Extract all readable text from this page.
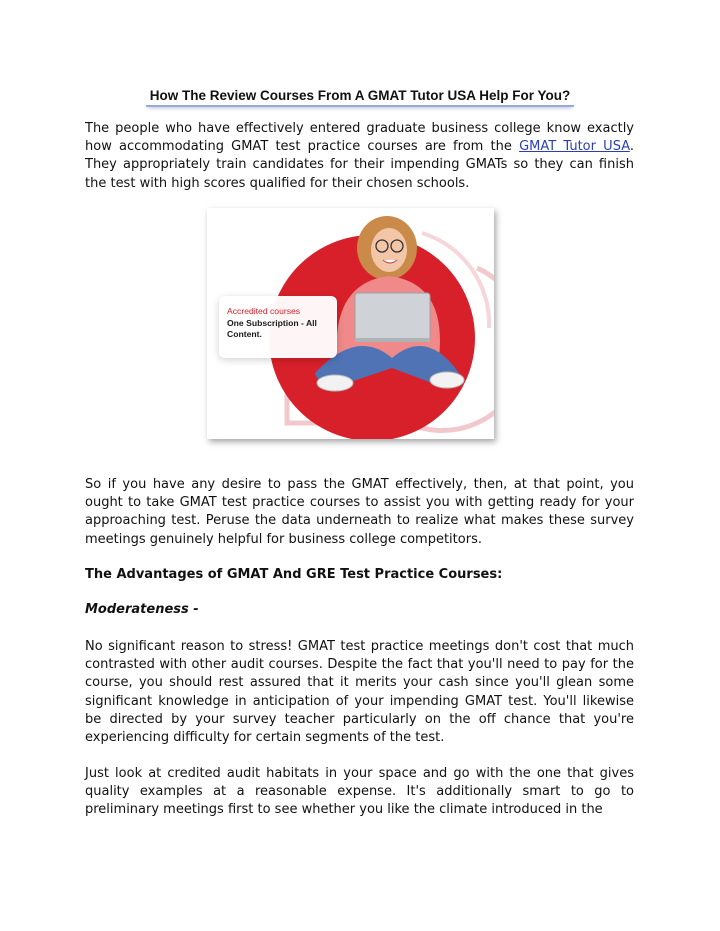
How The Review Courses From A GMAT Tutor USA Help For You?

The people who have effectively entered graduate business college know exactly how accommodating GMAT test practice courses are from the GMAT Tutor USA. They appropriately train candidates for their impending GMATs so they can finish the test with high scores qualified for their chosen schools.

Accredited courses
One Subscription - All Content.

So if you have any desire to pass the GMAT effectively, then, at that point, you ought to take GMAT test practice courses to assist you with getting ready for your approaching test. Peruse the data underneath to realize what makes these survey meetings genuinely helpful for business college competitors.

The Advantages of GMAT And GRE Test Practice Courses:

Moderateness -

No significant reason to stress! GMAT test practice meetings don't cost that much contrasted with other audit courses. Despite the fact that you'll need to pay for the course, you should rest assured that it merits your cash since you'll glean some significant knowledge in anticipation of your impending GMAT test. You'll likewise be directed by your survey teacher particularly on the off chance that you're experiencing difficulty for certain segments of the test.

Just look at credited audit habitats in your space and go with the one that gives quality examples at a reasonable expense. It's additionally smart to go to preliminary meetings first to see whether you like the climate introduced in the
